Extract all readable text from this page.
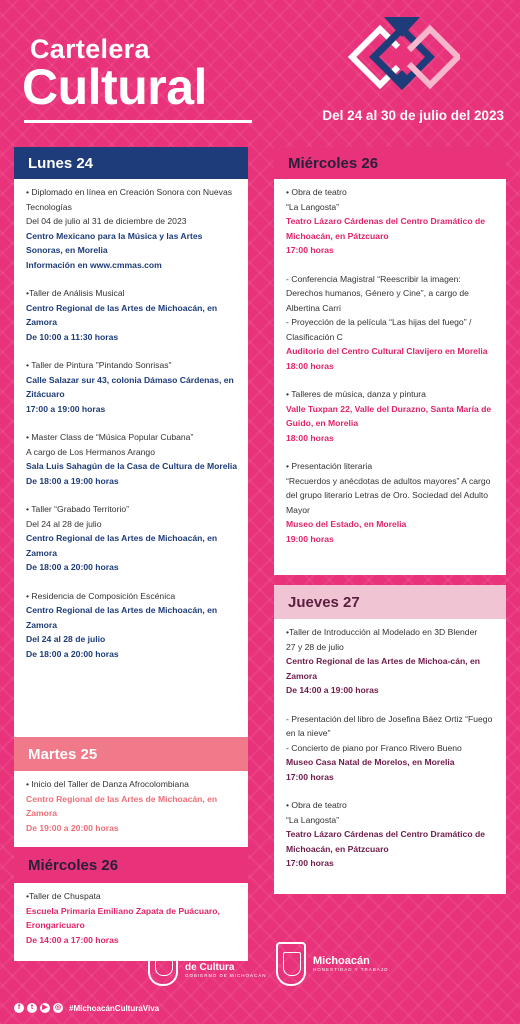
Cartelera
Cultural
Del 24 al 30 de julio del 2023
Lunes 24
• Diplomado en línea en Creación Sonora con Nuevas Tecnologías
Del 04 de julio al 31 de diciembre de 2023
Centro Mexicano para la Música y las Artes Sonoras, en Morelia
Información en www.cmmas.com
•Taller de Análisis Musical
Centro Regional de las Artes de Michoacán, en Zamora
De 10:00 a 11:30 horas
• Taller de Pintura "Pintando Sonrisas"
Calle Salazar sur 43, colonia Dámaso Cárdenas, en Zitácuaro
17:00 a 19:00 horas
• Master Class de “Música Popular Cubana”
A cargo de Los Hermanos Arango
Sala Luis Sahagún de la Casa de Cultura de Morelia
De 18:00 a 19:00 horas
• Taller “Grabado Territorio”
Del 24 al 28 de julio
Centro Regional de las Artes de Michoacán, en Zamora
De 18:00 a 20:00 horas
• Residencia de Composición Escénica
Centro Regional de las Artes de Michoacán, en Zamora
Del 24 al 28 de julio
De 18:00 a 20:00 horas
Martes 25
• Inicio del Taller de Danza Afrocolombiana
Centro Regional de las Artes de Michoacán, en Zamora
De 19:00 a 20:00 horas
Miércoles 26
•Taller de Chuspata
Escuela Primaria Emiliano Zapata de Puácuaro, Erongarícuaro
De 14:00 a 17:00 horas
Miércoles 26
• Obra de teatro
“La Langosta”
Teatro Lázaro Cárdenas del Centro Dramático de Michoacán, en Pátzcuaro
17:00 horas
- Conferencia Magistral “Reescribir la imagen: Derechos humanos, Género y Cine”, a cargo de Albertina Carri
- Proyección de la película “Las hijas del fuego” / Clasificación C
Auditorio del Centro Cultural Clavijero en Morelia
18:00 horas
• Talleres de música, danza y pintura
Valle Tuxpan 22, Valle del Durazno, Santa María de Guido, en Morelia
18:00 horas
• Presentación literaria
“Recuerdos y anécdotas de adultos mayores” A cargo del grupo literario Letras de Oro. Sociedad del Adulto Mayor
Museo del Estado, en Morelia
19:00 horas
Jueves 27
•Taller de Introducción al Modelado en 3D Blender
27 y 28 de julio
Centro Regional de las Artes de Michoa-cán, en Zamora
De 14:00 a 19:00 horas
- Presentación del libro de Josefina Báez Ortiz “Fuego en la nieve”
- Concierto de piano por Franco Rivero Bueno
Museo Casa Natal de Morelos, en Morelia
17:00 horas
• Obra de teatro
“La Langosta”
Teatro Lázaro Cárdenas del Centro Dramático de Michoacán, en Pátzcuaro
17:00 horas
Secretaría
de Cultura
GOBIERNO DE MICHOACÁN
Michoacán
HONESTIDAD Y TRABAJO
f	t	▶	◎ #MichoacánCulturaViva
